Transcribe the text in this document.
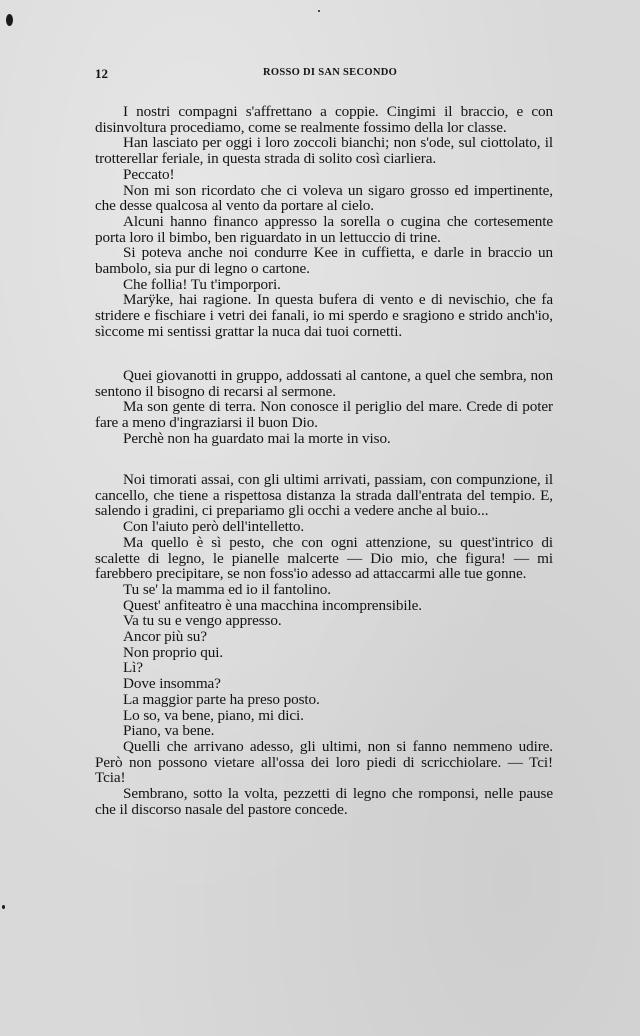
12	ROSSO DI SAN SECONDO

I nostri compagni s'affrettano a coppie. Cingimi il braccio, e con disinvoltura procediamo, come se realmente fossimo della lor classe.

Han lasciato per oggi i loro zoccoli bianchi; non s'ode, sul ciottolato, il trotterellar feriale, in questa strada di solito così ciarliera.

Peccato!

Non mi son ricordato che ci voleva un sigaro grosso ed impertinente, che desse qualcosa al vento da portare al cielo.

Alcuni hanno financo appresso la sorella o cugina che cortesemente porta loro il bimbo, ben riguardato in un lettuccio di trine.

Si poteva anche noi condurre Kee in cuffietta, e darle in braccio un bambolo, sia pur di legno o cartone.

Che follia! Tu t'imporpori.

Marÿke, hai ragione. In questa bufera di vento e di nevischio, che fa stridere e fischiare i vetri dei fanali, io mi sperdo e sragiono e strido anch'io, sìccome mi sentissi grattar la nuca dai tuoi cornetti.

Quei giovanotti in gruppo, addossati al cantone, a quel che sembra, non sentono il bisogno di recarsi al sermone.

Ma son gente di terra. Non conosce il periglio del mare. Crede di poter fare a meno d'ingraziarsi il buon Dio.

Perchè non ha guardato mai la morte in viso.

Noi timorati assai, con gli ultimi arrivati, passiam, con compunzione, il cancello, che tiene a rispettosa distanza la strada dall'entrata del tempio. E, salendo i gradini, ci prepariamo gli occhi a vedere anche al buio...

Con l'aiuto però dell'intelletto.

Ma quello è sì pesto, che con ogni attenzione, su quest'intrico di scalette di legno, le pianelle malcerte — Dio mio, che figura! — mi farebbero precipitare, se non foss'io adesso ad attaccarmi alle tue gonne.

Tu se' la mamma ed io il fantolino.

Quest' anfiteatro è una macchina incomprensibile.

Va tu su e vengo appresso.

Ancor più su?

Non proprio qui.

Lì?

Dove insomma?

La maggior parte ha preso posto.

Lo so, va bene, piano, mi dici.

Piano, va bene.

Quelli che arrivano adesso, gli ultimi, non si fanno nemmeno udire. Però non possono vietare all'ossa dei loro piedi di scricchiolare. — Tci! Tcia!

Sembrano, sotto la volta, pezzetti di legno che romponsi, nelle pause che il discorso nasale del pastore concede.
